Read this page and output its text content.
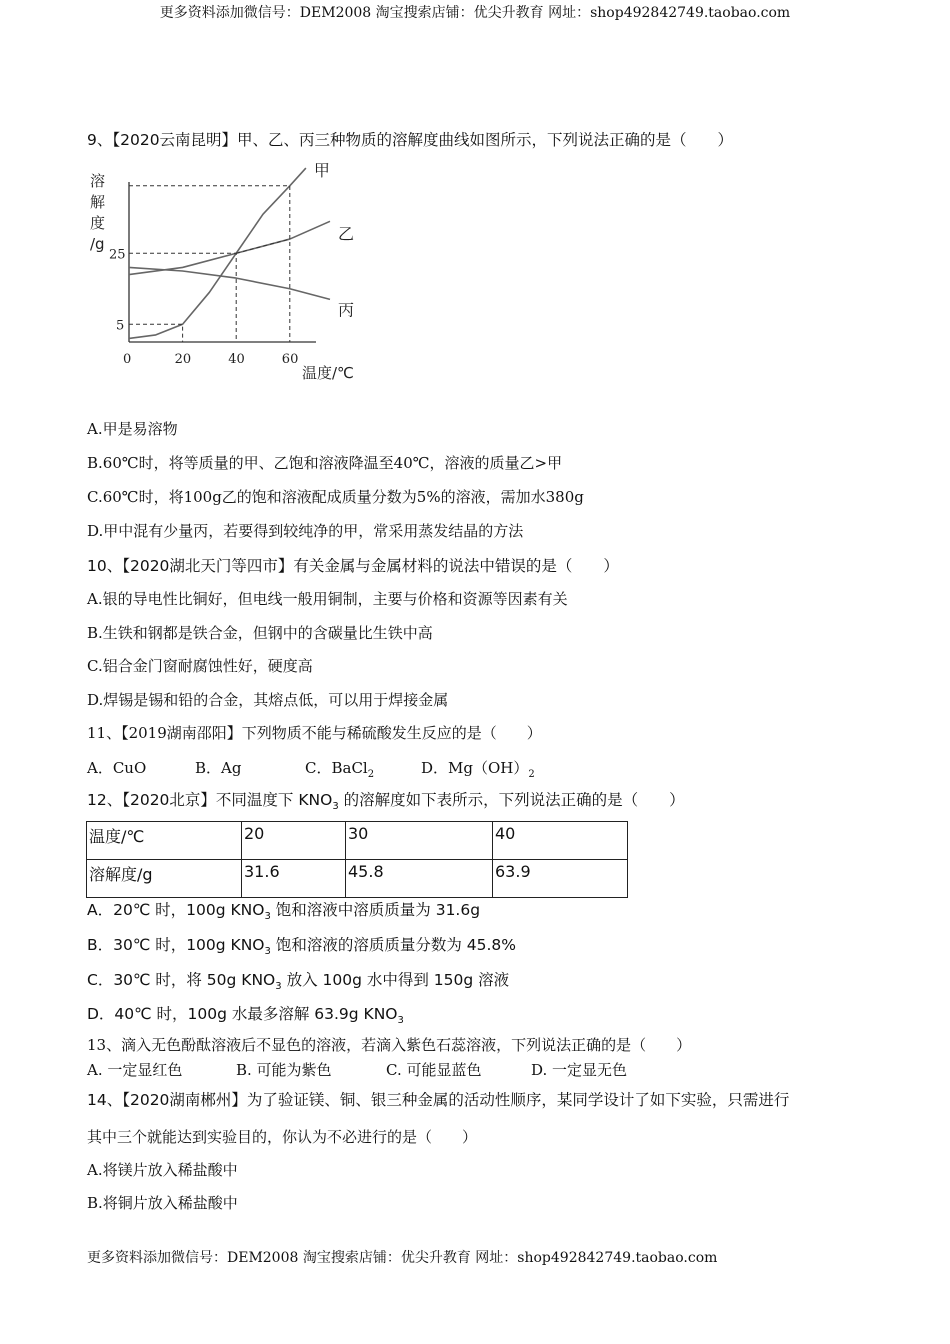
更多资料添加微信号：DEM2008 淘宝搜索店铺：优尖升教育 网址：shop492842749.taobao.com
9、【2020云南昆明】甲、乙、丙三种物质的溶解度曲线如图所示，下列说法正确的是（　　）
溶
解
度
/g
温度/℃
0	20	40	60
5
25
甲
乙
丙
A.甲是易溶物
B.60℃时，将等质量的甲、乙饱和溶液降温至40℃，溶液的质量乙>甲
C.60℃时，将100g乙的饱和溶液配成质量分数为5%的溶液，需加水380g
D.甲中混有少量丙，若要得到较纯净的甲，常采用蒸发结晶的方法
10、【2020湖北天门等四市】有关金属与金属材料的说法中错误的是（　　）
A.银的导电性比铜好，但电线一般用铜制，主要与价格和资源等因素有关
B.生铁和钢都是铁合金，但钢中的含碳量比生铁中高
C.铝合金门窗耐腐蚀性好，硬度高
D.焊锡是锡和铅的合金，其熔点低，可以用于焊接金属
11、【2019湖南邵阳】下列物质不能与稀硫酸发生反应的是（　　）
A．CuO	B．Ag	C．BaCl$_2$	D．$Mg(OH)_2$
12、【2020北京】不同温度下 $KNO_3$ 的溶解度如下表所示，下列说法正确的是（　　）
温度/℃	20	30	40
溶解度/g	31.6	45.8	63.9
A．20℃ 时，100g $KNO_3$ 饱和溶液中溶质质量为 31.6g
B．30℃ 时，100g $KNO_3$ 饱和溶液的溶质质量分数为 45.8%
C．30℃ 时，将 50g $KNO_3$ 放入 100g 水中得到 150g 溶液
D．40℃ 时，100g 水最多溶解 63.9g $KNO_3$
13、滴入无色酚酞溶液后不显色的溶液，若滴入紫色石蕊溶液，下列说法正确的是（　　）
A. 一定显红色	B. 可能为紫色	C. 可能显蓝色	D. 一定显无色
14、【2020湖南郴州】为了验证镁、铜、银三种金属的活动性顺序，某同学设计了如下实验，只需进行
其中三个就能达到实验目的，你认为不必进行的是（　　）
A.将镁片放入稀盐酸中
B.将铜片放入稀盐酸中
更多资料添加微信号：DEM2008 淘宝搜索店铺：优尖升教育 网址：shop492842749.taobao.com
